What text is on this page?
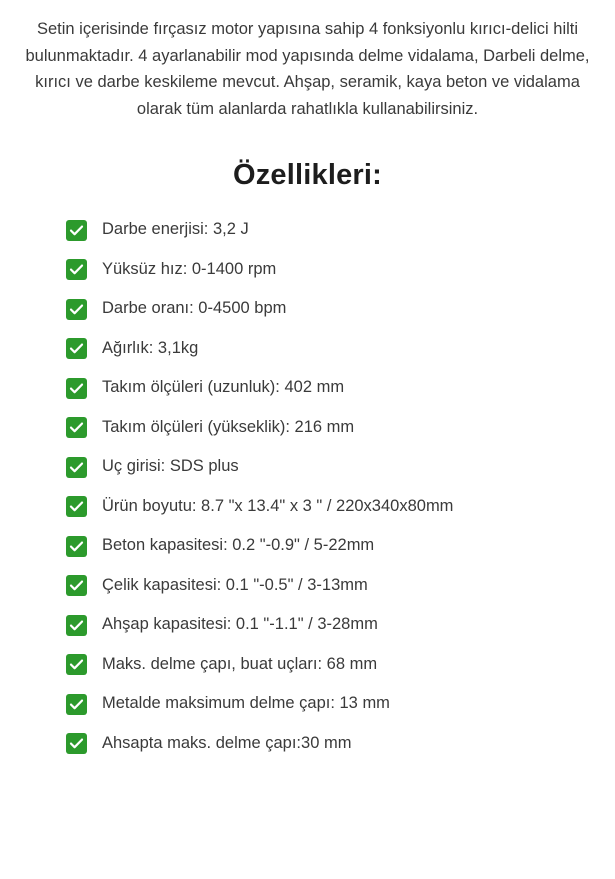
Setin içerisinde fırçasız motor yapısına sahip 4 fonksiyonlu kırıcı-delici hilti bulunmaktadır. 4 ayarlanabilir mod yapısında delme vidalama, Darbeli delme, kırıcı ve darbe keskileme mevcut. Ahşap, seramik, kaya beton ve vidalama olarak tüm alanlarda rahatlıkla kullanabilirsiniz.

Özellikleri:
Darbe enerjisi: 3,2 J
Yüksüz hız: 0-1400 rpm
Darbe oranı: 0-4500 bpm
Ağırlık: 3,1kg
Takım ölçüleri (uzunluk): 402 mm
Takım ölçüleri (yükseklik): 216 mm
Uç girisi: SDS plus
Ürün boyutu: 8.7 "x 13.4" x 3 " / 220x340x80mm
Beton kapasitesi: 0.2 "-0.9" / 5-22mm
Çelik kapasitesi: 0.1 "-0.5" / 3-13mm
Ahşap kapasitesi: 0.1 "-1.1" / 3-28mm
Maks. delme çapı, buat uçları: 68 mm
Metalde maksimum delme çapı: 13 mm
Ahsapta maks. delme çapı:30 mm
